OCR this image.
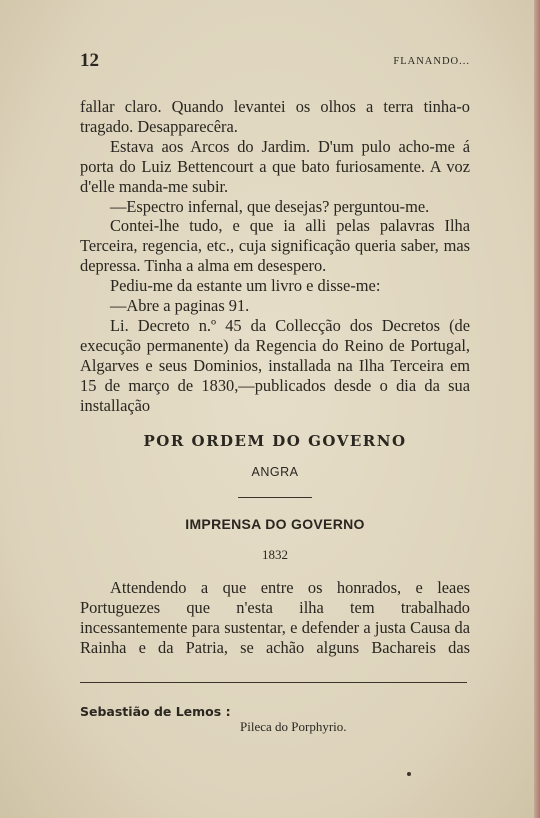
12	FLANANDO...

fallar claro. Quando levantei os olhos a terra tinha-o tragado. Desapparecêra.

Estava aos Arcos do Jardim. D'um pulo acho-me á porta do Luiz Bettencourt a que bato furiosamente. A voz d'elle manda-me subir.

—Espectro infernal, que desejas? perguntou-me.

Contei-lhe tudo, e que ia alli pelas palavras Ilha Terceira, regencia, etc., cuja significação queria saber, mas depressa. Tinha a alma em desespero.

Pediu-me da estante um livro e disse-me:

—Abre a paginas 91.

Li. Decreto n.º 45 da Collecção dos Decretos (de execução permanente) da Regencia do Reino de Portugal, Algarves e seus Dominios, installada na Ilha Terceira em 15 de março de 1830,—publicados desde o dia da sua installação

POR ORDEM DO GOVERNO
ANGRA
IMPRENSA DO GOVERNO
1832

Attendendo a que entre os honrados, e leaes Portuguezes que n'esta ilha tem trabalhado incessantemente para sustentar, e defender a justa Causa da Rainha e da Patria, se achão alguns Bachareis das

Sebastião de Lemos :
Pileca do Porphyrio.
